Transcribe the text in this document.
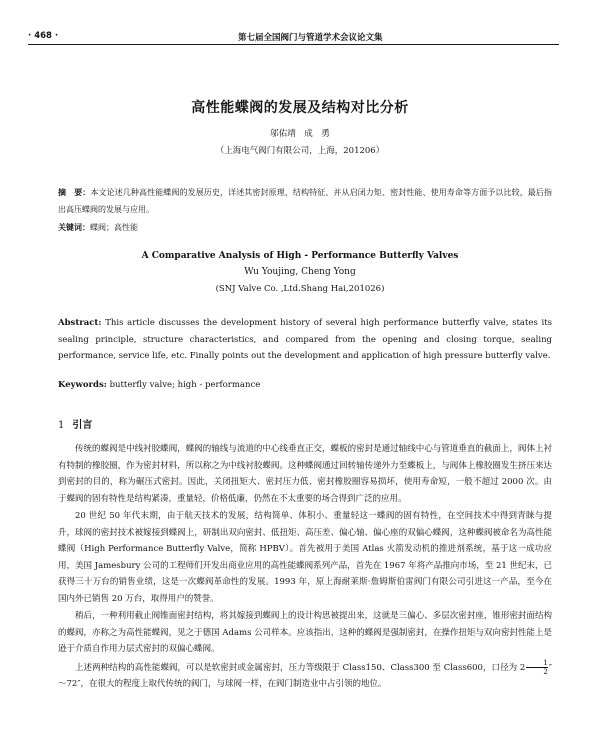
· 468 ·	第七届全国阀门与管道学术会议论文集
高性能蝶阀的发展及结构对比分析
邬佑靖　成　勇
（上海电气阀门有限公司，上海，201206）
摘　要：本文论述几种高性能蝶阀的发展历史，详述其密封原理、结构特征、并从启闭力矩、密封性能、使用寿命等方面予以比较，最后指出高压蝶阀的发展与应用。
关键词：蝶阀；高性能
A Comparative Analysis of High - Performance Butterfly Valves
Wu Youjing, Cheng Yong
(SNJ Valve Co. ,Ltd.Shang Hai,201026)
Abstract: This article discusses the development history of several high performance butterfly valve, states its sealing principle, structure characteristics, and compared from the opening and closing torque, sealing performance, service life, etc. Finally points out the development and application of high pressure butterfly valve.
Keywords: butterfly valve; high - performance
1 引言

传统的蝶阀是中线衬胶蝶阀，蝶阀的轴线与流道的中心线垂直正交，蝶板的密封是通过轴线中心与管道垂直的截面上，阀体上衬有特制的橡胶圈，作为密封材料，所以称之为中线衬胶蝶阀。这种蝶阀通过回转轴传递外力至蝶板上，与阀体上橡胶圈发生挤压来达到密封的目的，称为碾压式密封。因此，关闭扭矩大、密封压力低、密封橡胶圈容易损坏，使用寿命短，一般不超过 2000 次。由于蝶阀的固有特性是结构紧凑，重量轻，价格低廉，仍然在不太重要的场合得到广泛的应用。

20 世纪 50 年代末期，由于航天技术的发展，结构简单、体积小、重量轻这一蝶阀的固有特性，在空间技术中得到青睐与提升，球阀的密封技术被嫁接到蝶阀上，研制出双向密封、低扭矩、高压差、偏心轴、偏心座的双偏心蝶阀，这种蝶阀被命名为高性能蝶阀（High Performance Butterfly Valve，简称 HPBV）。首先被用于美国 Atlas 火箭发动机的推进剂系统，基于这一成功应用，美国 Jamesbury 公司的工程师们开发出商业应用的高性能蝶阀系列产品，首先在 1967 年将产品推向市场，至 21 世纪末，已获得三十万台的销售业绩，这是一次蝶阀革命性的发展。1993 年，原上海耐莱斯·詹姆斯伯雷阀门有限公司引进这一产品，至今在国内外已销售 20 万台，取得用户的赞誉。

稍后，一种利用截止阀锥面密封结构，将其嫁接到蝶阀上的设计构思被提出来，这就是三偏心、多层次密封座，锥形密封面结构的蝶阀，亦称之为高性能蝶阀，见之于德国 Adams 公司样本。应该指出，这种的蝶阀是强制密封，在操作扭矩与双向密封性能上是逊于介质自作用力层式密封的双偏心蝶阀。

上述两种结构的高性能蝶阀，可以是软密封或金属密封，压力等级限于 Class150、Class300 至 Class600，口径为 $2 \frac{1}{2}$ ″～72″，在很大的程度上取代传统的阀门，与球阀一样，在阀门制造业中占引领的地位。
